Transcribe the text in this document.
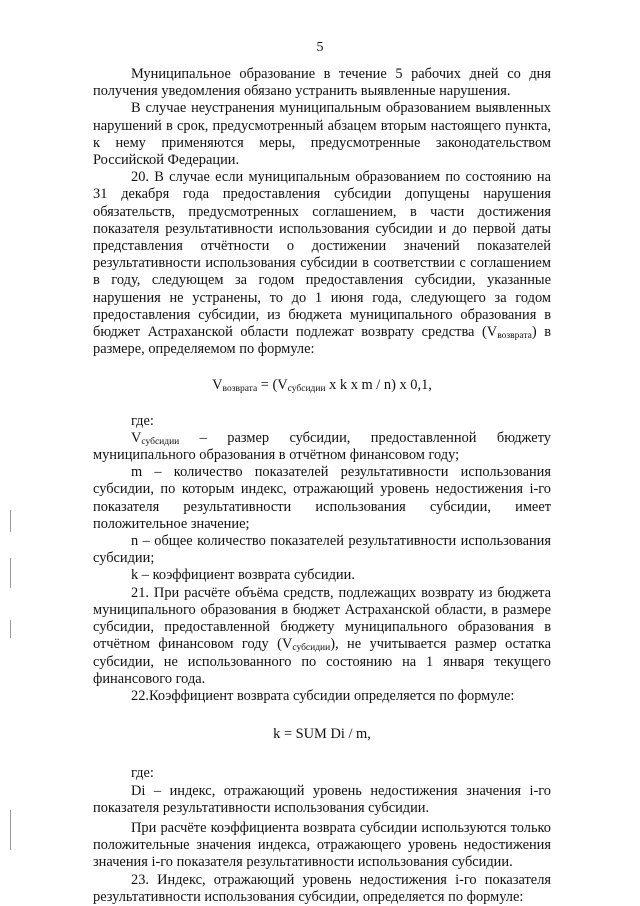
5

Муниципальное образование в течение 5 рабочих дней со дня получения уведомления обязано устранить выявленные нарушения.

В случае неустранения муниципальным образованием выявленных нарушений в срок, предусмотренный абзацем вторым настоящего пункта, к нему применяются меры, предусмотренные законодательством Российской Федерации.

20. В случае если муниципальным образованием по состоянию на 31 декабря года предоставления субсидии допущены нарушения обязательств, предусмотренных соглашением, в части достижения показателя результативности использования субсидии и до первой даты представления отчётности о достижении значений показателей результативности использования субсидии в соответствии с соглашением в году, следующем за годом предоставления субсидии, указанные нарушения не устранены, то до 1 июня года, следующего за годом предоставления субсидии, из бюджета муниципального образования в бюджет Астраханской области подлежат возврату средства $(V_{возврата})$ в размере, определяемом по формуле:

$V_{возврата} = (V_{субсидии}$ x k x m / n) x 0,1,

где:

$V_{субсидии}$ – размер субсидии, предоставленной бюджету муниципального образования в отчётном финансовом году;

m – количество показателей результативности использования субсидии, по которым индекс, отражающий уровень недостижения i-го показателя результативности использования субсидии, имеет положительное значение;

n – общее количество показателей результативности использования субсидии;

k – коэффициент возврата субсидии.

21. При расчёте объёма средств, подлежащих возврату из бюджета муниципального образования в бюджет Астраханской области, в размере субсидии, предоставленной бюджету муниципального образования в отчётном финансовом году $(V_{субсидии})$, не учитывается размер остатка субсидии, не использованного по состоянию на 1 января текущего финансового года.

22.Коэффициент возврата субсидии определяется по формуле:

k = SUM Di / m,

где:

Di – индекс, отражающий уровень недостижения значения i-го показателя результативности использования субсидии.

При расчёте коэффициента возврата субсидии используются только положительные значения индекса, отражающего уровень недостижения значения i-го показателя результативности использования субсидии.

23. Индекс, отражающий уровень недостижения i-го показателя результативности использования субсидии, определяется по формуле:
